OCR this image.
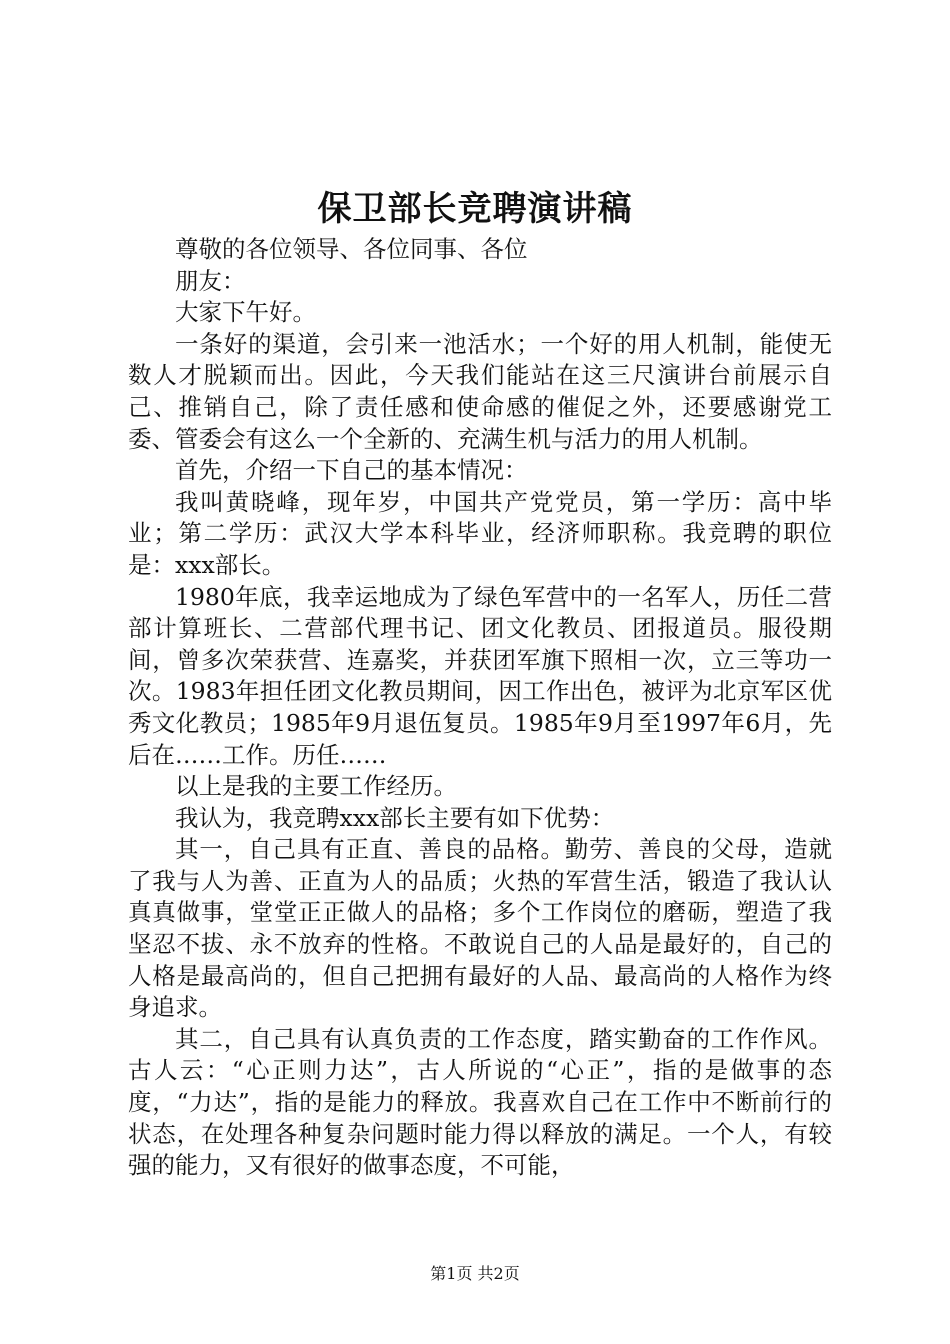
保卫部长竞聘演讲稿

尊敬的各位领导、各位同事、各位

朋友：

大家下午好。

一条好的渠道，会引来一池活水；一个好的用人机制，能使无数人才脱颖而出。因此，今天我们能站在这三尺演讲台前展示自己、推销自己，除了责任感和使命感的催促之外，还要感谢党工委、管委会有这么一个全新的、充满生机与活力的用人机制。

首先，介绍一下自己的基本情况：

我叫黄晓峰，现年岁，中国共产党党员，第一学历：高中毕业；第二学历：武汉大学本科毕业，经济师职称。我竞聘的职位是：xxx部长。

1980年底，我幸运地成为了绿色军营中的一名军人，历任二营部计算班长、二营部代理书记、团文化教员、团报道员。服役期间，曾多次荣获营、连嘉奖，并获团军旗下照相一次，立三等功一次。1983年担任团文化教员期间，因工作出色，被评为北京军区优秀文化教员；1985年9月退伍复员。1985年9月至1997年6月，先后在……工作。历任……

以上是我的主要工作经历。

我认为，我竞聘xxx部长主要有如下优势：

其一，自己具有正直、善良的品格。勤劳、善良的父母，造就了我与人为善、正直为人的品质；火热的军营生活，锻造了我认认真真做事，堂堂正正做人的品格；多个工作岗位的磨砺，塑造了我坚忍不拔、永不放弃的性格。不敢说自己的人品是最好的，自己的人格是最高尚的，但自己把拥有最好的人品、最高尚的人格作为终身追求。

其二，自己具有认真负责的工作态度，踏实勤奋的工作作风。古人云：“心正则力达”，古人所说的“心正”，指的是做事的态度，“力达”，指的是能力的释放。我喜欢自己在工作中不断前行的状态，在处理各种复杂问题时能力得以释放的满足。一个人，有较强的能力，又有很好的做事态度，不可能，

第1页 共2页
